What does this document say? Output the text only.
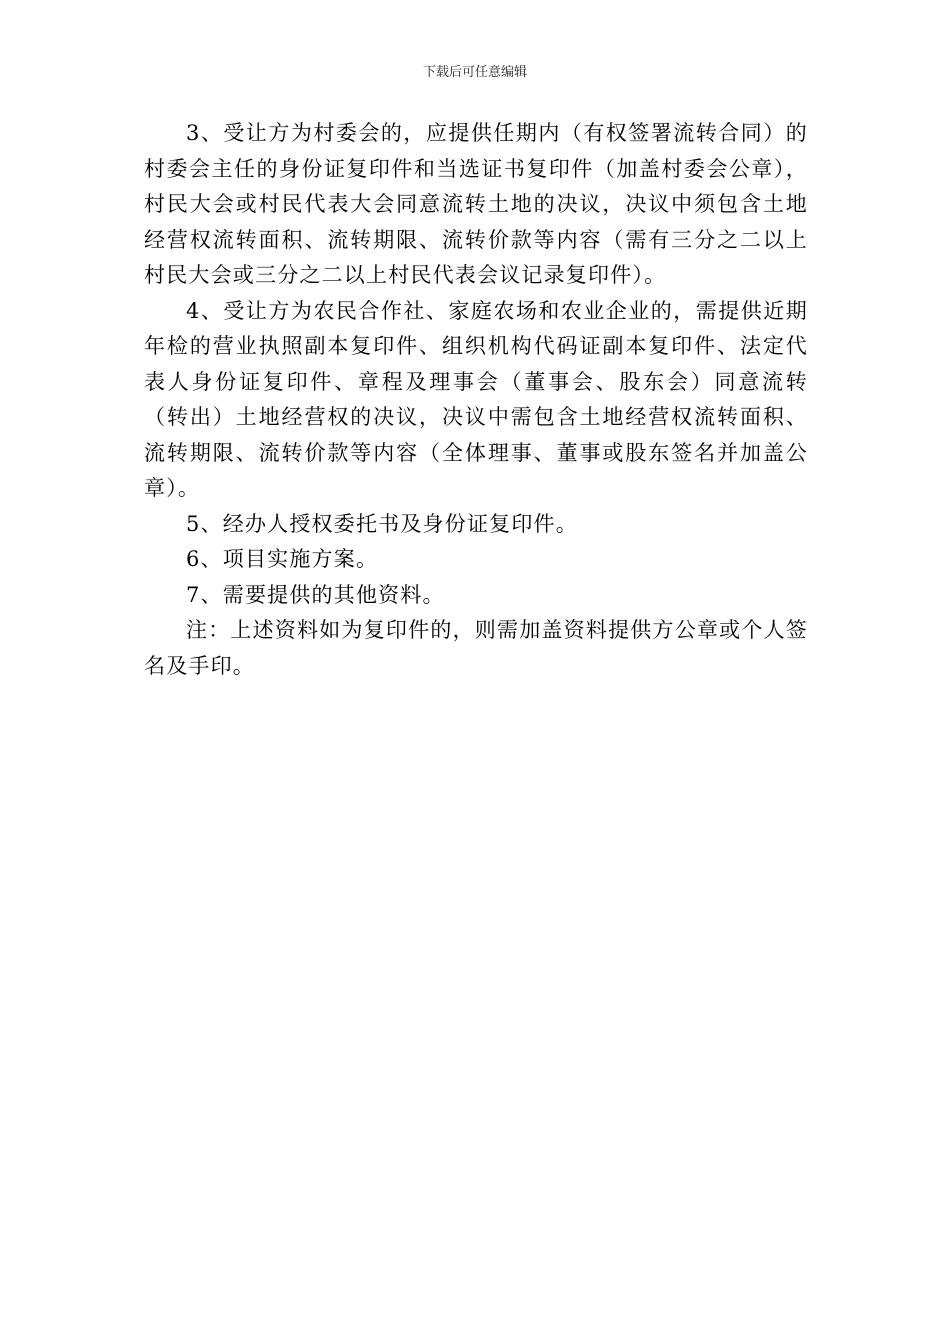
下载后可任意编辑

3、受让方为村委会的，应提供任期内（有权签署流转合同）的村委会主任的身份证复印件和当选证书复印件（加盖村委会公章），村民大会或村民代表大会同意流转土地的决议，决议中须包含土地经营权流转面积、流转期限、流转价款等内容（需有三分之二以上村民大会或三分之二以上村民代表会议记录复印件）。

4、受让方为农民合作社、家庭农场和农业企业的，需提供近期年检的营业执照副本复印件、组织机构代码证副本复印件、法定代表人身份证复印件、章程及理事会（董事会、股东会）同意流转（转出）土地经营权的决议，决议中需包含土地经营权流转面积、流转期限、流转价款等内容（全体理事、董事或股东签名并加盖公章）。

5、经办人授权委托书及身份证复印件。

6、项目实施方案。

7、需要提供的其他资料。

注：上述资料如为复印件的，则需加盖资料提供方公章或个人签名及手印。
